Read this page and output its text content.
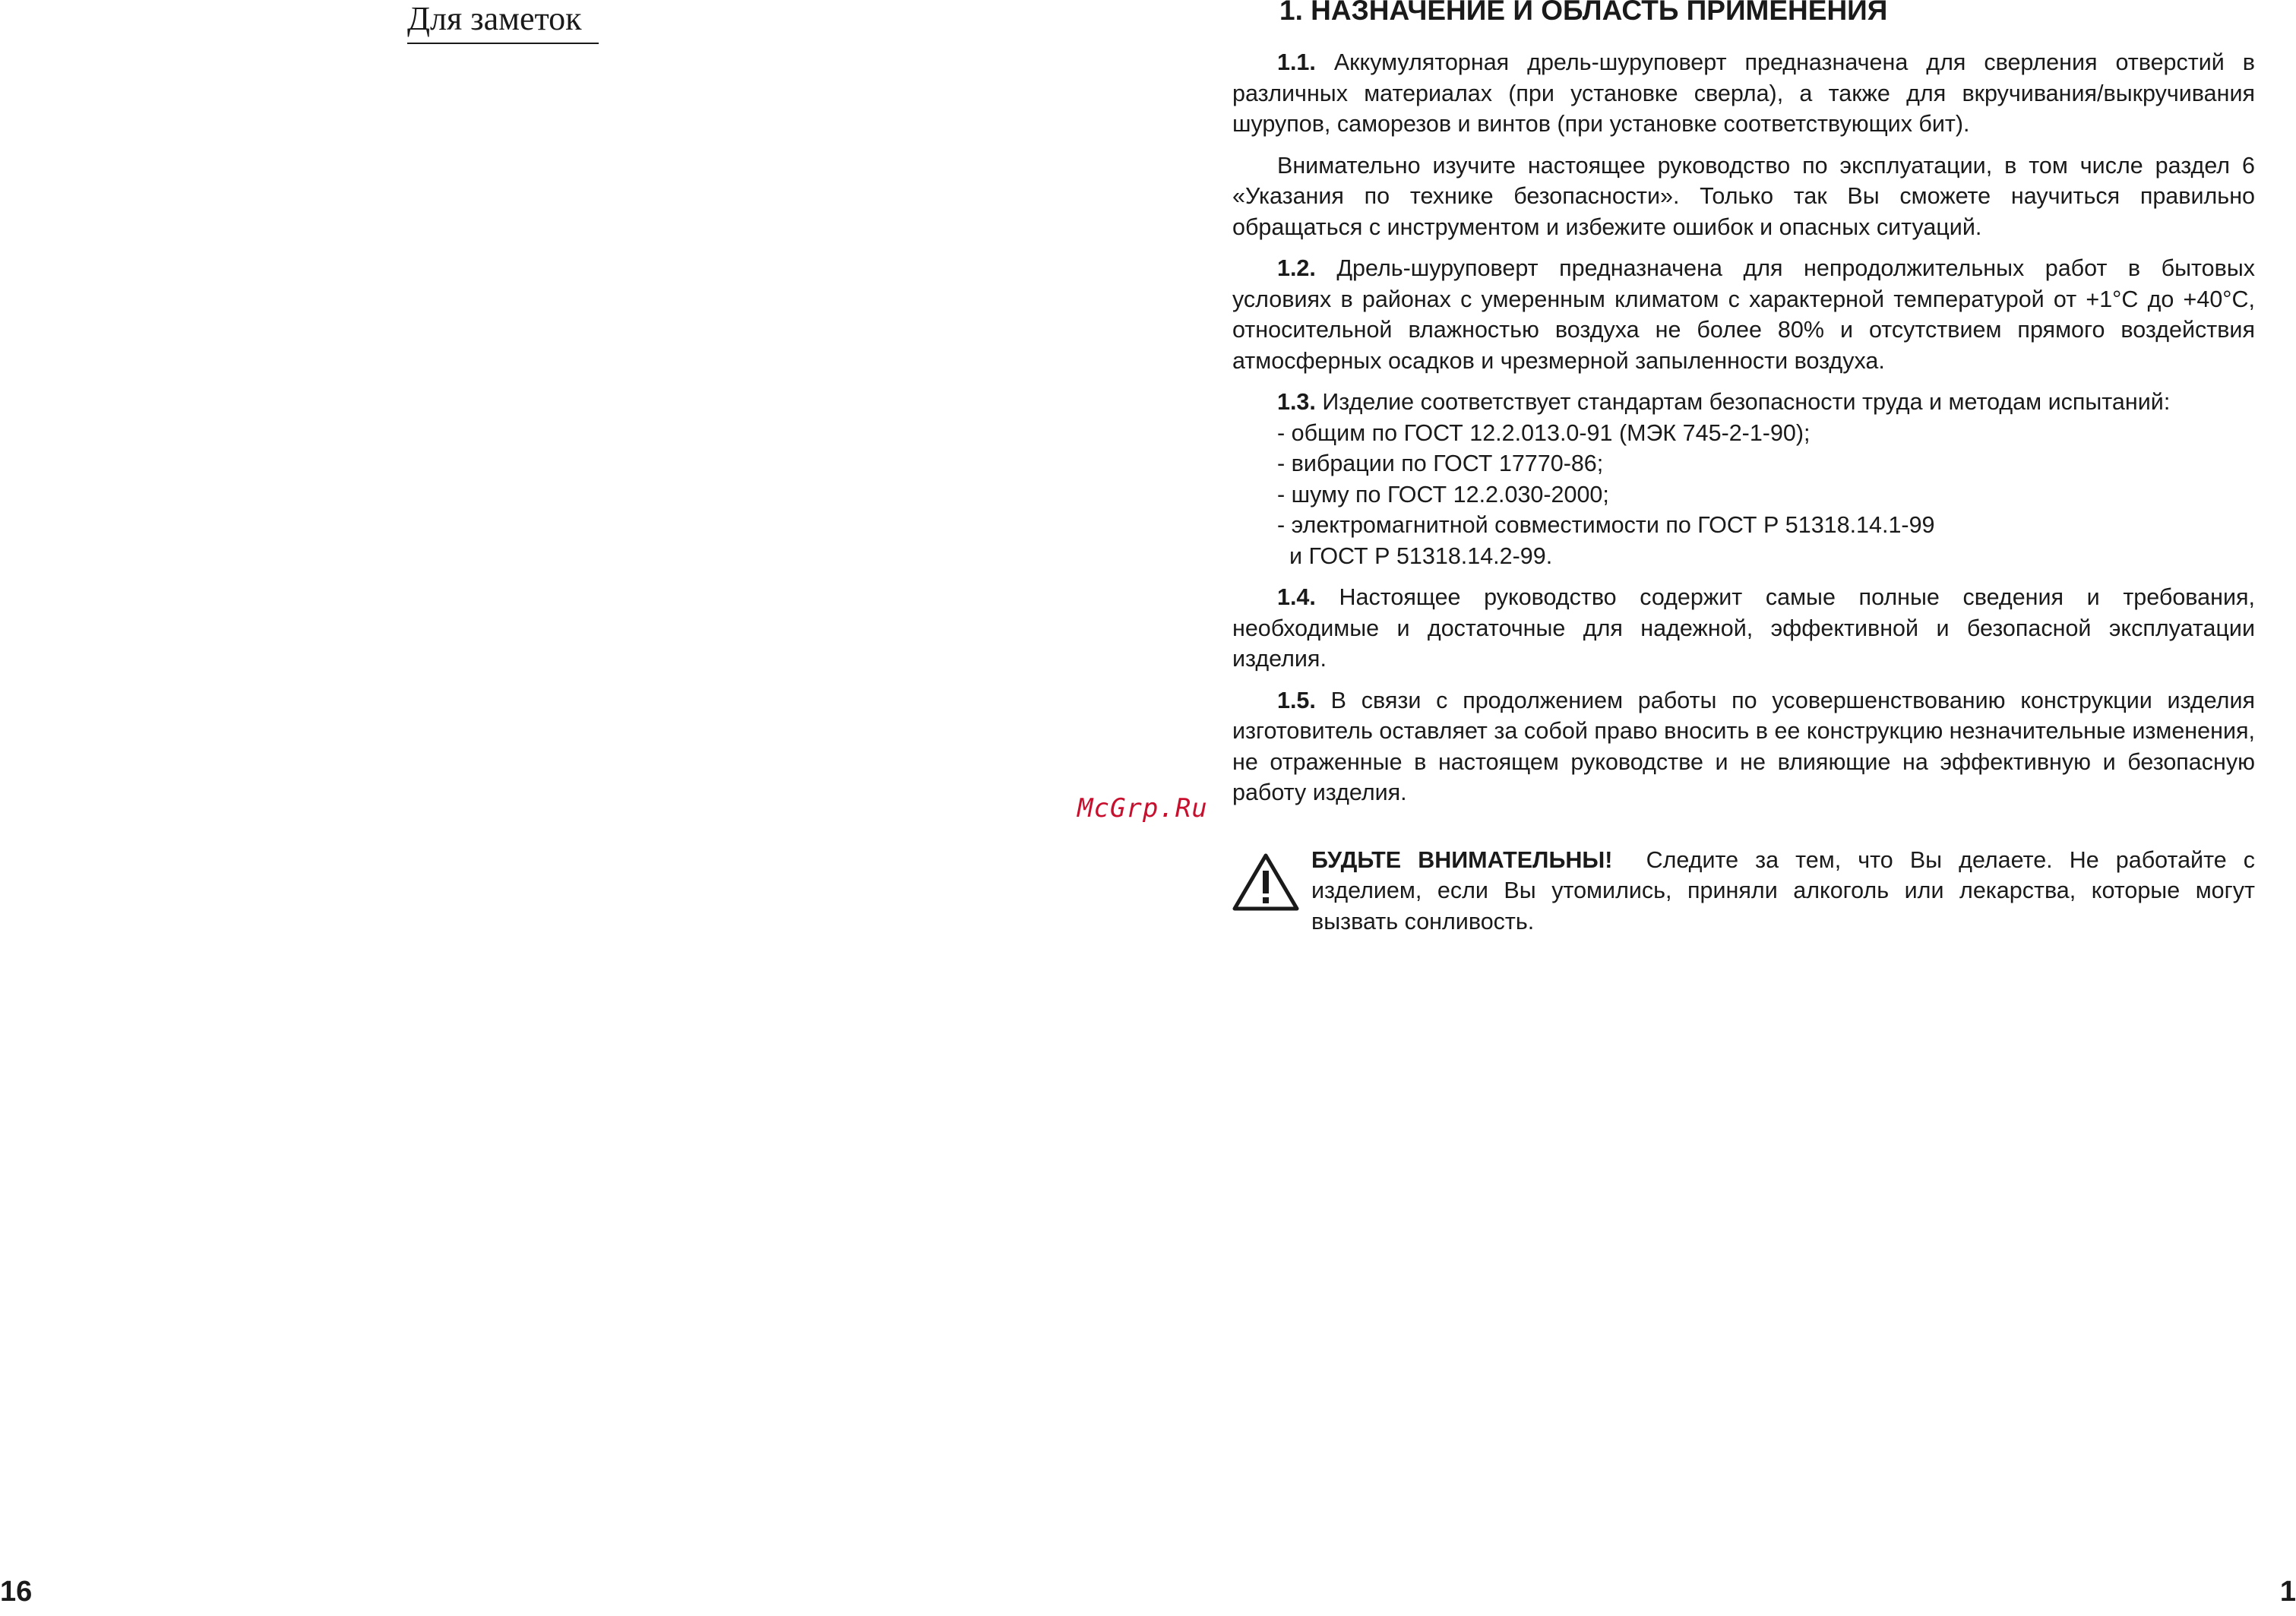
Для заметок
16
McGrp.Ru
1. НАЗНАЧЕНИЕ И ОБЛАСТЬ ПРИМЕНЕНИЯ

1.1. Аккумуляторная дрель-шуруповерт предназначена для сверления отверстий в различных материалах (при установке сверла), а также для вкручивания/выкручивания шурупов, саморезов и винтов (при установке соответствующих бит).

Внимательно изучите настоящее руководство по эксплуатации, в том числе раздел 6 «Указания по технике безопасности». Только так Вы сможете научиться правильно обращаться с инструментом и избежите ошибок и опасных ситуаций.

1.2. Дрель-шуруповерт предназначена для непродолжительных работ в бытовых условиях в районах с умеренным климатом с характерной температурой от +1°С до +40°С, относительной влажностью воздуха не более 80% и отсутствием прямого воздействия атмосферных осадков и чрезмерной запыленности воздуха.

1.3. Изделие соответствует стандартам безопасности труда и методам испытаний:

- общим по ГОСТ 12.2.013.0-91 (МЭК 745-2-1-90);
- вибрации по ГОСТ 17770-86;
- шуму по ГОСТ 12.2.030-2000;
- электромагнитной совместимости по ГОСТ Р 51318.14.1-99
и ГОСТ Р 51318.14.2-99.

1.4. Настоящее руководство содержит самые полные сведения и требования, необходимые и достаточные для надежной, эффективной и безопасной эксплуатации изделия.

1.5. В связи с продолжением работы по усовершенствованию конструкции изделия изготовитель оставляет за собой право вносить в ее конструкцию незначительные изменения, не отраженные в настоящем руководстве и не влияющие на эффективную и безопасную работу изделия.

БУДЬТЕ ВНИМАТЕЛЬНЫ! Следите за тем, что Вы делаете. Не работайте с изделием, если Вы утомились, приняли алкоголь или лекарства, которые могут вызвать сонливость.
1
